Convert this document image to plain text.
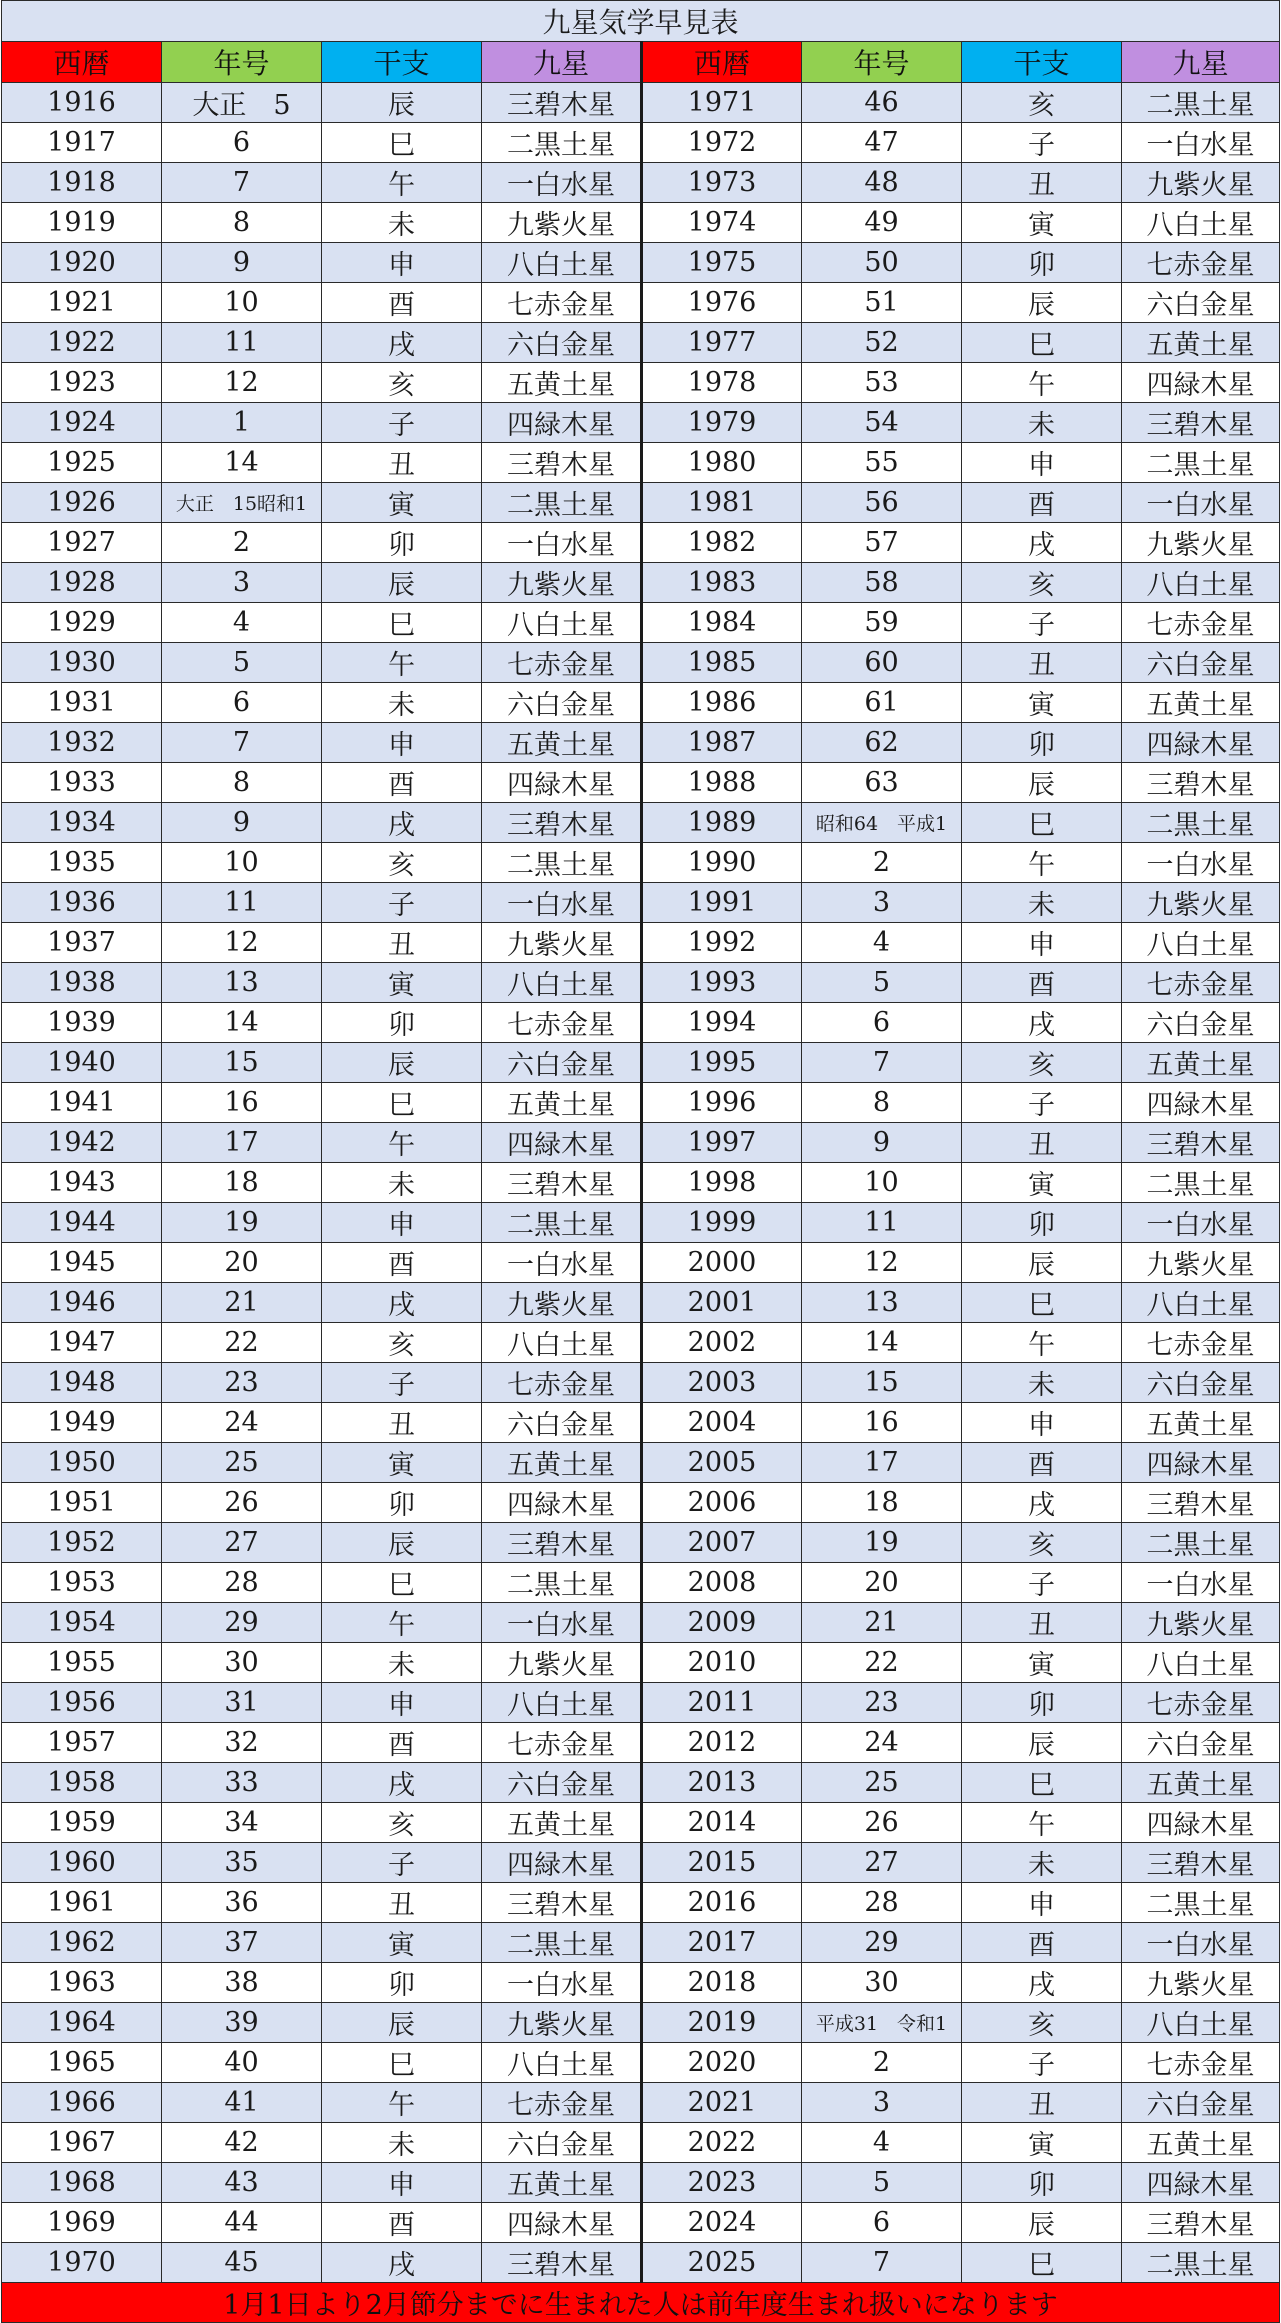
九星気学早見表							
西暦	年号	干支	九星	西暦	年号	干支	九星
1916	大正　5	辰	三碧木星	1971	46	亥	二黒土星
1917	6	巳	二黒土星	1972	47	子	一白水星
1918	7	午	一白水星	1973	48	丑	九紫火星
1919	8	未	九紫火星	1974	49	寅	八白土星
1920	9	申	八白土星	1975	50	卯	七赤金星
1921	10	酉	七赤金星	1976	51	辰	六白金星
1922	11	戌	六白金星	1977	52	巳	五黄土星
1923	12	亥	五黄土星	1978	53	午	四緑木星
1924	1	子	四緑木星	1979	54	未	三碧木星
1925	14	丑	三碧木星	1980	55	申	二黒土星
1926	大正　15昭和1	寅	二黒土星	1981	56	酉	一白水星
1927	2	卯	一白水星	1982	57	戌	九紫火星
1928	3	辰	九紫火星	1983	58	亥	八白土星
1929	4	巳	八白土星	1984	59	子	七赤金星
1930	5	午	七赤金星	1985	60	丑	六白金星
1931	6	未	六白金星	1986	61	寅	五黄土星
1932	7	申	五黄土星	1987	62	卯	四緑木星
1933	8	酉	四緑木星	1988	63	辰	三碧木星
1934	9	戌	三碧木星	1989	昭和64　平成1	巳	二黒土星
1935	10	亥	二黒土星	1990	2	午	一白水星
1936	11	子	一白水星	1991	3	未	九紫火星
1937	12	丑	九紫火星	1992	4	申	八白土星
1938	13	寅	八白土星	1993	5	酉	七赤金星
1939	14	卯	七赤金星	1994	6	戌	六白金星
1940	15	辰	六白金星	1995	7	亥	五黄土星
1941	16	巳	五黄土星	1996	8	子	四緑木星
1942	17	午	四緑木星	1997	9	丑	三碧木星
1943	18	未	三碧木星	1998	10	寅	二黒土星
1944	19	申	二黒土星	1999	11	卯	一白水星
1945	20	酉	一白水星	2000	12	辰	九紫火星
1946	21	戌	九紫火星	2001	13	巳	八白土星
1947	22	亥	八白土星	2002	14	午	七赤金星
1948	23	子	七赤金星	2003	15	未	六白金星
1949	24	丑	六白金星	2004	16	申	五黄土星
1950	25	寅	五黄土星	2005	17	酉	四緑木星
1951	26	卯	四緑木星	2006	18	戌	三碧木星
1952	27	辰	三碧木星	2007	19	亥	二黒土星
1953	28	巳	二黒土星	2008	20	子	一白水星
1954	29	午	一白水星	2009	21	丑	九紫火星
1955	30	未	九紫火星	2010	22	寅	八白土星
1956	31	申	八白土星	2011	23	卯	七赤金星
1957	32	酉	七赤金星	2012	24	辰	六白金星
1958	33	戌	六白金星	2013	25	巳	五黄土星
1959	34	亥	五黄土星	2014	26	午	四緑木星
1960	35	子	四緑木星	2015	27	未	三碧木星
1961	36	丑	三碧木星	2016	28	申	二黒土星
1962	37	寅	二黒土星	2017	29	酉	一白水星
1963	38	卯	一白水星	2018	30	戌	九紫火星
1964	39	辰	九紫火星	2019	平成31　令和1	亥	八白土星
1965	40	巳	八白土星	2020	2	子	七赤金星
1966	41	午	七赤金星	2021	3	丑	六白金星
1967	42	未	六白金星	2022	4	寅	五黄土星
1968	43	申	五黄土星	2023	5	卯	四緑木星
1969	44	酉	四緑木星	2024	6	辰	三碧木星
1970	45	戌	三碧木星	2025	7	巳	二黒土星
1月1日より2月節分までに生まれた人は前年度生まれ扱いになります							
